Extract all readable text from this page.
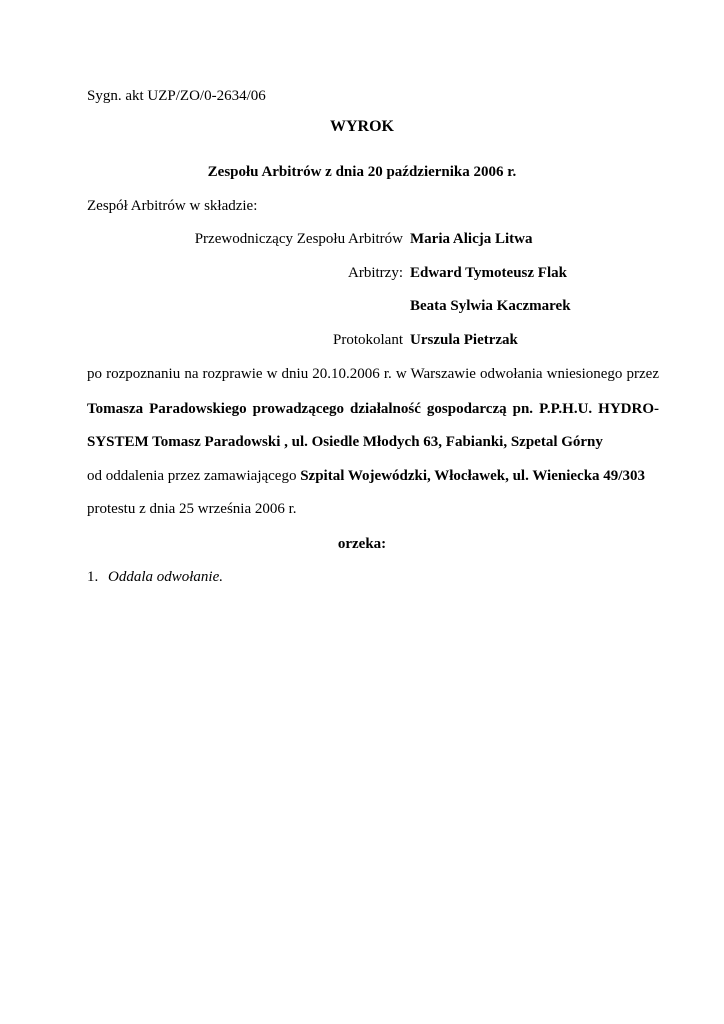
Sygn. akt UZP/ZO/0-2634/06
WYROK
Zespołu Arbitrów z dnia 20 października 2006 r.
Zespół Arbitrów w składzie:
Przewodniczący Zespołu Arbitrów Maria Alicja Litwa
Arbitrzy: Edward Tymoteusz Flak
Beata Sylwia Kaczmarek
Protokolant Urszula Pietrzak
po rozpoznaniu na rozprawie w dniu 20.10.2006 r. w Warszawie odwołania wniesionego przez
Tomasza Paradowskiego prowadzącego działalność gospodarczą pn. P.P.H.U. HYDRO-
SYSTEM Tomasz Paradowski , ul. Osiedle Młodych 63, Fabianki, Szpetal Górny
od oddalenia przez zamawiającego Szpital Wojewódzki, Włocławek, ul. Wieniecka 49/303
protestu z dnia 25 września 2006 r.
orzeka:
1. Oddala odwołanie.
